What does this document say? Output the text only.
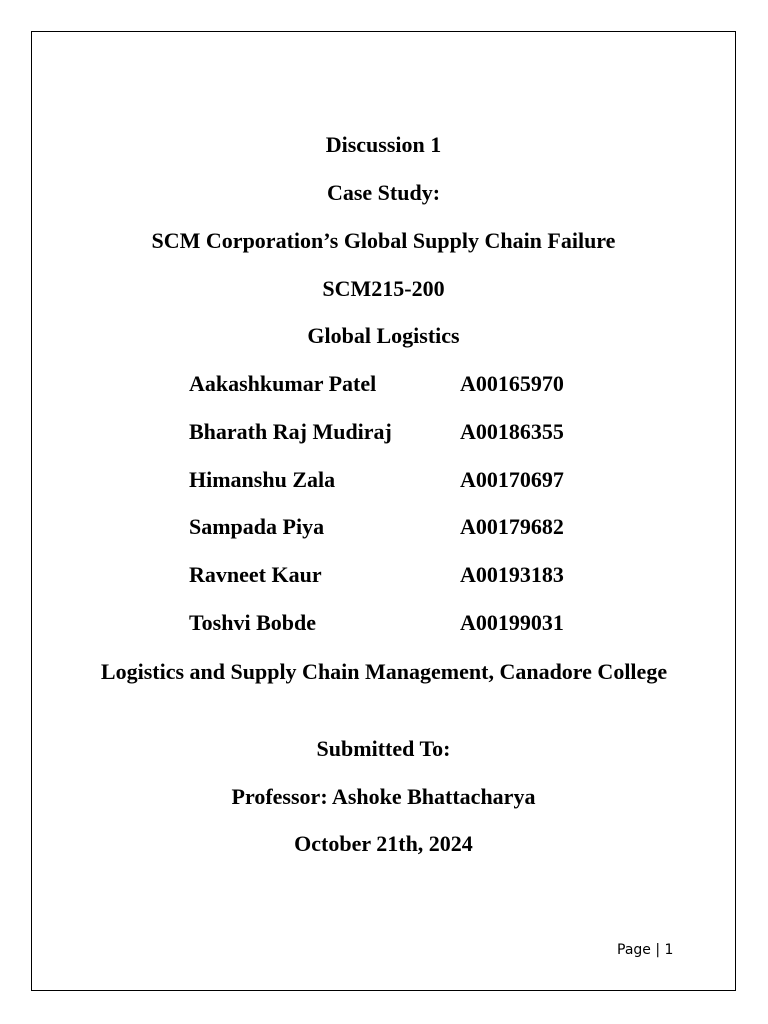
Discussion 1
Case Study:
SCM Corporation’s Global Supply Chain Failure
SCM215-200
Global Logistics
Aakashkumar Patel	A00165970
Bharath Raj Mudiraj	A00186355
Himanshu Zala	A00170697
Sampada Piya	A00179682
Ravneet Kaur	A00193183
Toshvi Bobde	A00199031
Logistics and Supply Chain Management, Canadore College
Submitted To:
Professor: Ashoke Bhattacharya
October 21th, 2024
Page | 1
